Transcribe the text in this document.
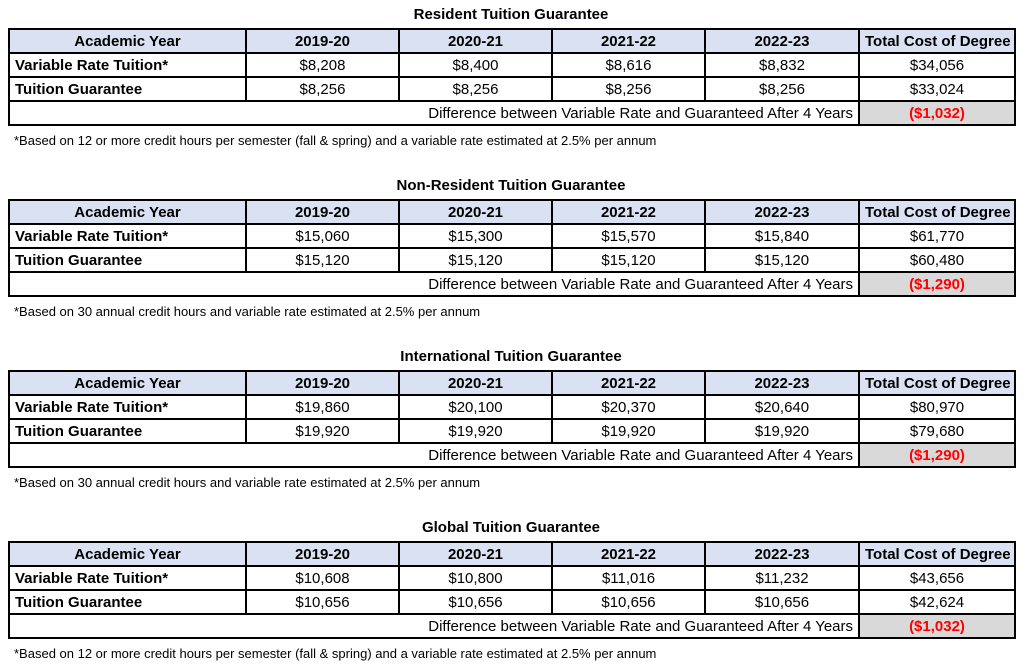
Resident Tuition Guarantee
Academic Year	2019-20	2020-21	2021-22	2022-23	Total Cost of Degree
Variable Rate Tuition*	$8,208	$8,400	$8,616	$8,832	$34,056
Tuition Guarantee	$8,256	$8,256	$8,256	$8,256	$33,024
Difference between Variable Rate and Guaranteed After 4 Years					($1,032)
*Based on 12 or more credit hours per semester (fall & spring) and a variable rate estimated at 2.5% per annum
Non-Resident Tuition Guarantee
Academic Year	2019-20	2020-21	2021-22	2022-23	Total Cost of Degree
Variable Rate Tuition*	$15,060	$15,300	$15,570	$15,840	$61,770
Tuition Guarantee	$15,120	$15,120	$15,120	$15,120	$60,480
Difference between Variable Rate and Guaranteed After 4 Years					($1,290)
*Based on 30 annual credit hours and variable rate estimated at 2.5% per annum
International Tuition Guarantee
Academic Year	2019-20	2020-21	2021-22	2022-23	Total Cost of Degree
Variable Rate Tuition*	$19,860	$20,100	$20,370	$20,640	$80,970
Tuition Guarantee	$19,920	$19,920	$19,920	$19,920	$79,680
Difference between Variable Rate and Guaranteed After 4 Years					($1,290)
*Based on 30 annual credit hours and variable rate estimated at 2.5% per annum
Global Tuition Guarantee
Academic Year	2019-20	2020-21	2021-22	2022-23	Total Cost of Degree
Variable Rate Tuition*	$10,608	$10,800	$11,016	$11,232	$43,656
Tuition Guarantee	$10,656	$10,656	$10,656	$10,656	$42,624
Difference between Variable Rate and Guaranteed After 4 Years					($1,032)
*Based on 12 or more credit hours per semester (fall & spring) and a variable rate estimated at 2.5% per annum
